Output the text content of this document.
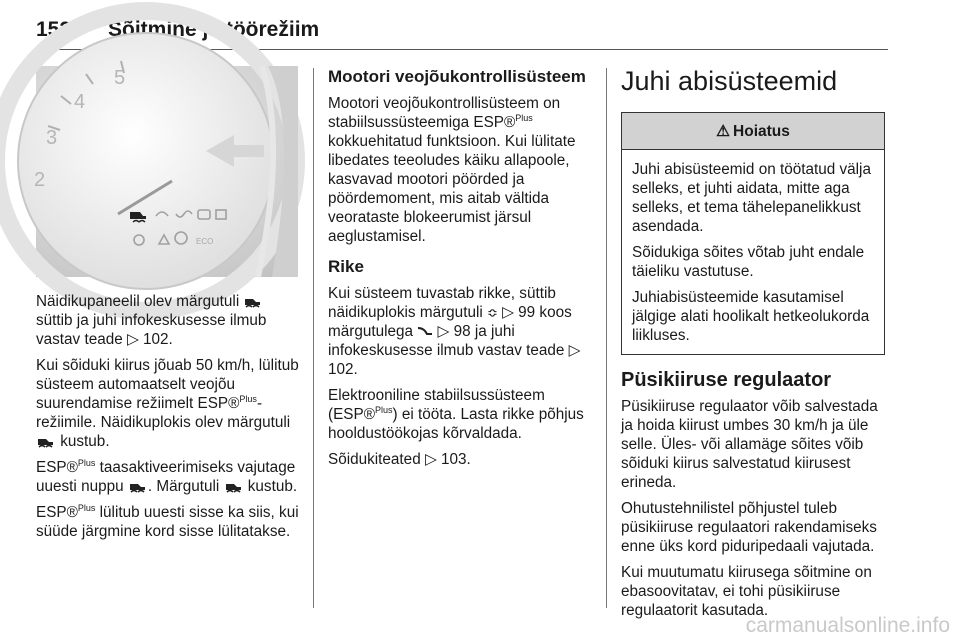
152 Sõitmine ja töörežiim
2
3
4
5
ECO

Näidikupaneelil olev märgutuli  süttib ja juhi infokeskusesse ilmub vastav teade ▷ 102.

Kui sõiduki kiirus jõuab 50 km/h, lülitub süsteem automaatselt veojõu suurendamise režiimelt ESP®$^{Plus}$-režiimile. Näidikuplokis olev märgutuli  kustub.

ESP®$^{Plus}$ taasaktiveerimiseks vajutage uuesti nuppu . Märgutuli kustub.

ESP®$^{Plus}$ lülitub uuesti sisse ka siis, kui süüde järgmine kord sisse lülitatakse.

Mootori veojõukontrollisüsteem

Mootori veojõukontrollisüsteem on stabiilsussüsteemiga ESP®$^{Plus}$ kokkuehitatud funktsioon. Kui lülitate libedates teeoludes käiku allapoole, kasvavad mootori pöörded ja pöördemoment, mis aitab vältida veorataste blokeerumist järsul aeglustamisel.

Rike

Kui süsteem tuvastab rikke, süttib näidikuplokis märgutuli ≎ ▷ 99 koos märgutulega ▷ 98 ja juhi infokeskusesse ilmub vastav teade ▷ 102.

Elektrooniline stabiilsussüsteem (ESP®$^{Plus}$) ei tööta. Lasta rikke põhjus hooldustöökojas kõrvaldada.

Sõidukiteated ▷ 103.

Juhi abisüsteemid
⚠ Hoiatus

Juhi abisüsteemid on töötatud välja selleks, et juhti aidata, mitte aga selleks, et tema tähelepanelikkust asendada.

Sõidukiga sõites võtab juht endale täieliku vastutuse.

Juhiabisüsteemide kasutamisel jälgige alati hoolikalt hetkeolukorda liikluses.

Püsikiiruse regulaator

Püsikiiruse regulaator võib salvestada ja hoida kiirust umbes 30 km/h ja üle selle. Üles- või allamäge sõites võib sõiduki kiirus salvestatud kiirusest erineda.

Ohutustehnilistel põhjustel tuleb püsikiiruse regulaatori rakendamiseks enne üks kord piduripedaali vajutada.

Kui muutumatu kiirusega sõitmine on ebasoovitatav, ei tohi püsikiiruse regulaatorit kasutada.

carmanualsonline.info
